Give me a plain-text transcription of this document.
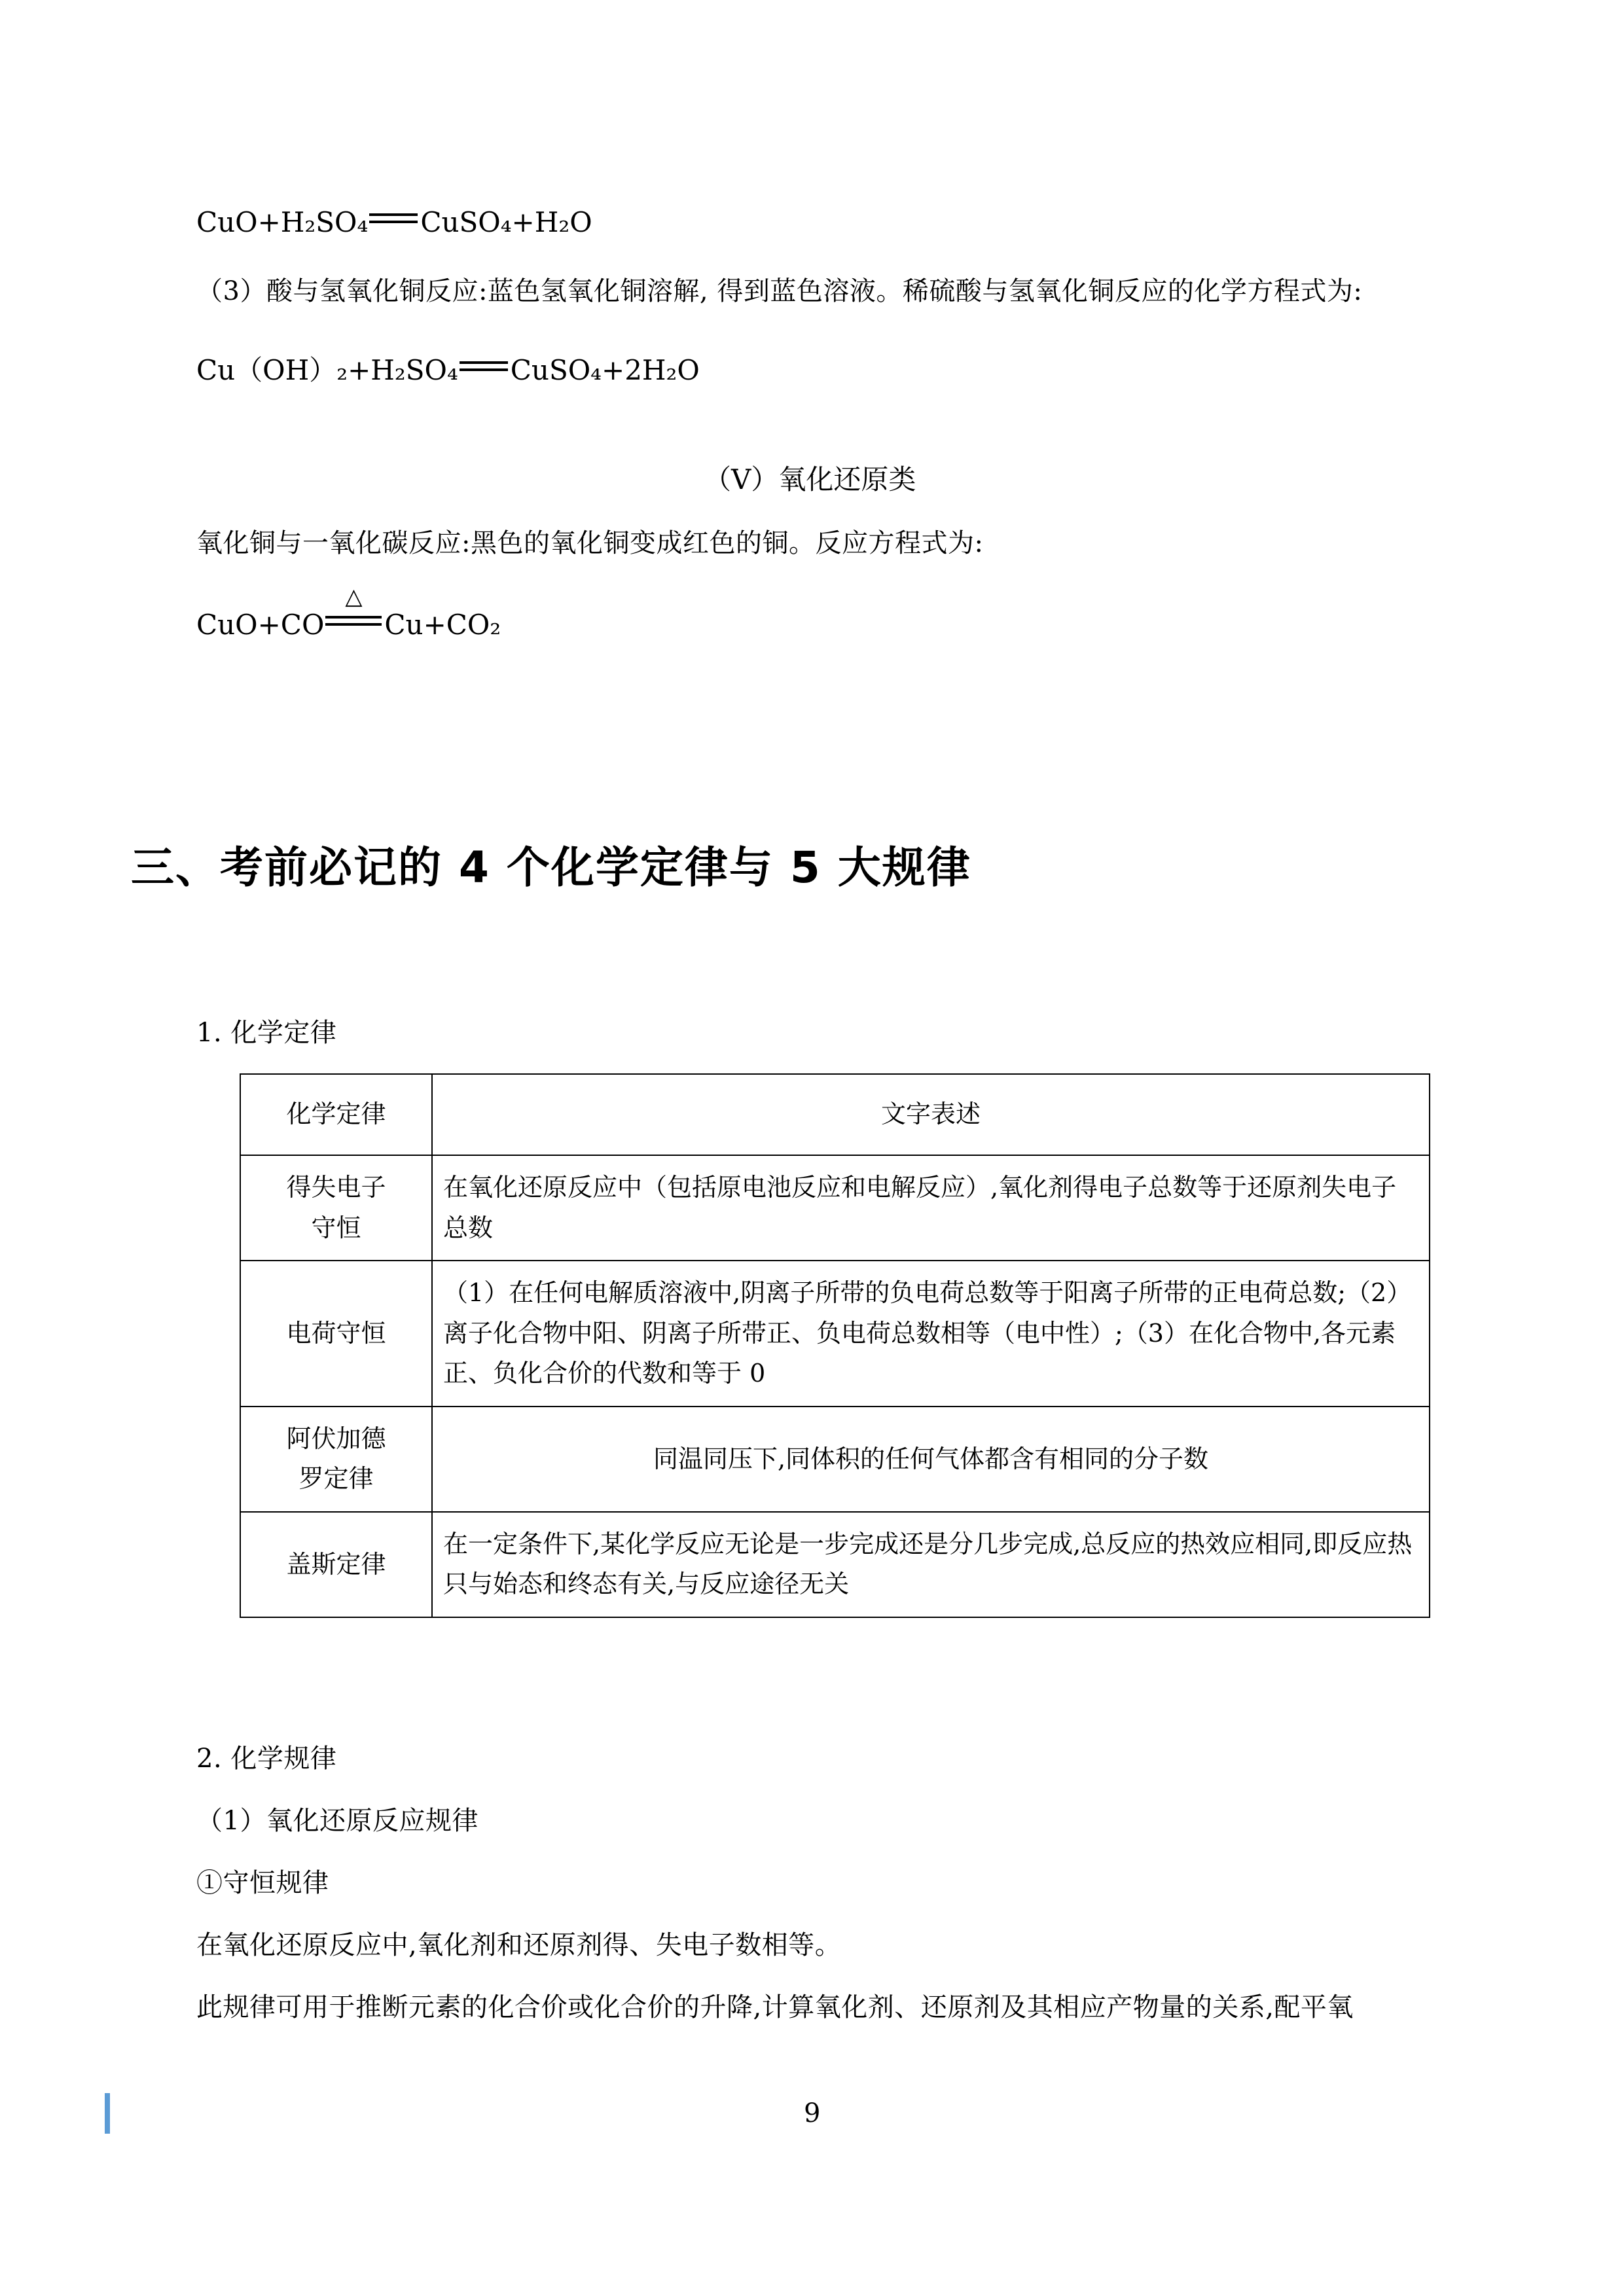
CuO+H₂SO₄ CuSO₄+H₂O
（3）酸与氢氧化铜反应:蓝色氢氧化铜溶解, 得到蓝色溶液。稀硫酸与氢氧化铜反应的化学方程式为:
Cu（OH）₂+H₂SO₄ CuSO₄+2H₂O
（Ⅴ）氧化还原类
氧化铜与一氧化碳反应:黑色的氧化铜变成红色的铜。反应方程式为:
CuO+CO
△
Cu+CO₂
三、考前必记的 4 个化学定律与 5 大规律
1. 化学定律
化学定律	文字表述

得失电子
守恒	在氧化还原反应中（包括原电池反应和电解反应）,氧化剂得电子总数等于还原剂失电子总数

电荷守恒	（1）在任何电解质溶液中,阴离子所带的负电荷总数等于阳离子所带的正电荷总数;（2）离子化合物中阳、阴离子所带正、负电荷总数相等（电中性）;（3）在化合物中,各元素正、负化合价的代数和等于 0

阿伏加德
罗定律	同温同压下,同体积的任何气体都含有相同的分子数

盖斯定律	在一定条件下,某化学反应无论是一步完成还是分几步完成,总反应的热效应相同,即反应热只与始态和终态有关,与反应途径无关
2. 化学规律
（1）氧化还原反应规律
①守恒规律
在氧化还原反应中,氧化剂和还原剂得、失电子数相等。
此规律可用于推断元素的化合价或化合价的升降,计算氧化剂、还原剂及其相应产物量的关系,配平氧
9
